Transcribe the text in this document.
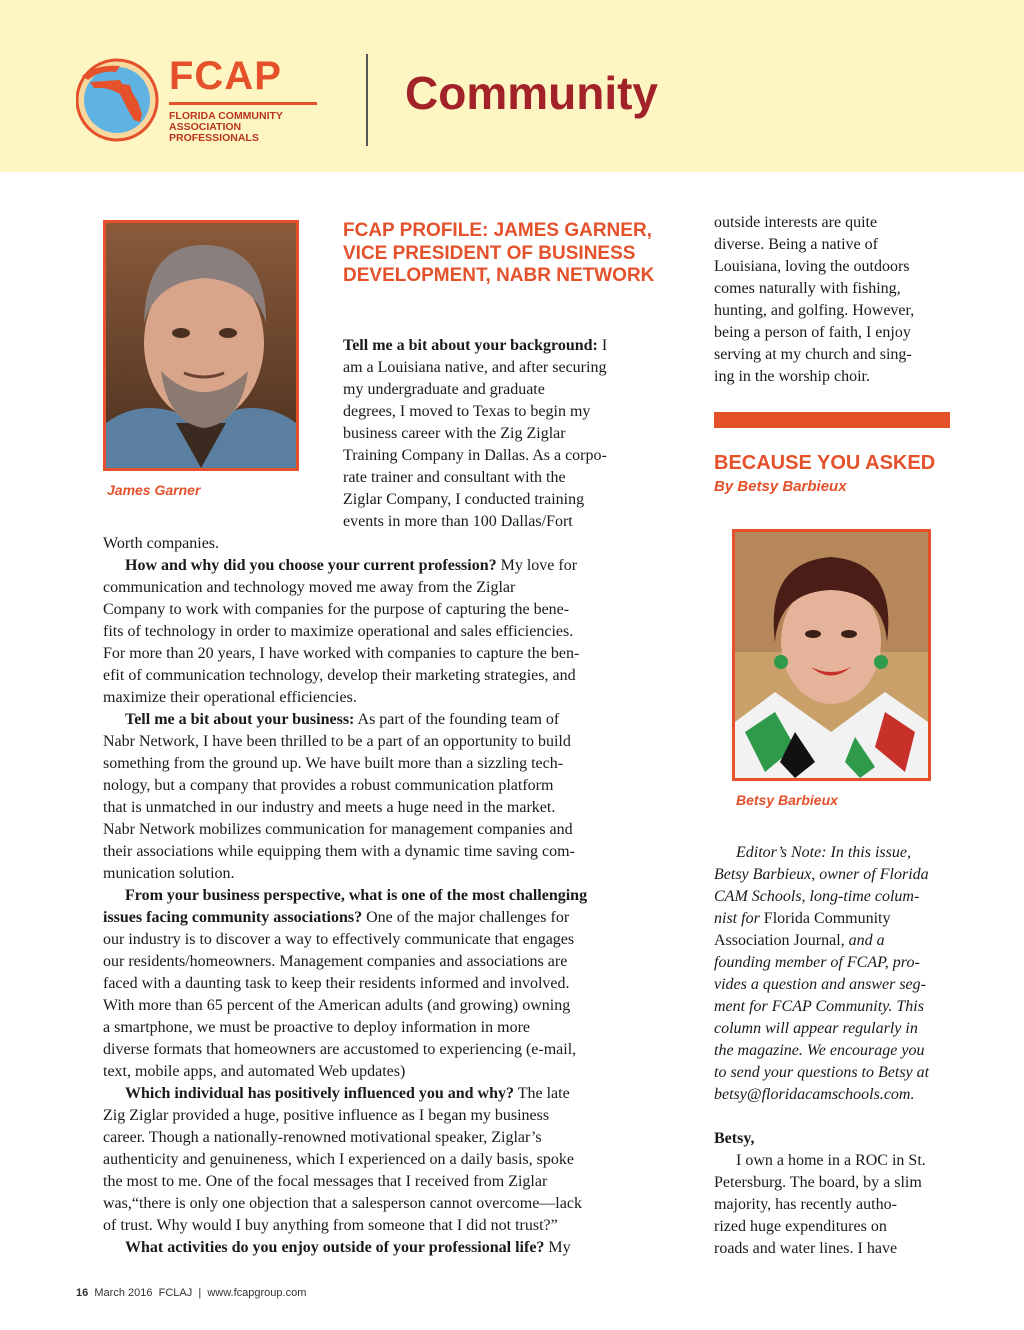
FCAP
FLORIDA COMMUNITY
ASSOCIATION PROFESSIONALS
Community
James Garner
FCAP PROFILE: JAMES GARNER, VICE PRESIDENT OF BUSINESS DEVELOPMENT, NABR NETWORK

Tell me a bit about your background: I

am a Louisiana native, and after securing

my undergraduate and graduate

degrees, I moved to Texas to begin my

business career with the Zig Ziglar

Training Company in Dallas. As a corpo-

rate trainer and consultant with the

Ziglar Company, I conducted training

events in more than 100 Dallas/Fort

Worth companies.

How and why did you choose your current profession? My love for

communication and technology moved me away from the Ziglar

Company to work with companies for the purpose of capturing the bene-

fits of technology in order to maximize operational and sales efficiencies.

For more than 20 years, I have worked with companies to capture the ben-

efit of communication technology, develop their marketing strategies, and

maximize their operational efficiencies.

Tell me a bit about your business: As part of the founding team of

Nabr Network, I have been thrilled to be a part of an opportunity to build

something from the ground up. We have built more than a sizzling tech-

nology, but a company that provides a robust communication platform

that is unmatched in our industry and meets a huge need in the market.

Nabr Network mobilizes communication for management companies and

their associations while equipping them with a dynamic time saving com-

munication solution.

From your business perspective, what is one of the most challenging

issues facing community associations? One of the major challenges for

our industry is to discover a way to effectively communicate that engages

our residents/homeowners. Management companies and associations are

faced with a daunting task to keep their residents informed and involved.

With more than 65 percent of the American adults (and growing) owning

a smartphone, we must be proactive to deploy information in more

diverse formats that homeowners are accustomed to experiencing (e-mail,

text, mobile apps, and automated Web updates)

Which individual has positively influenced you and why? The late

Zig Ziglar provided a huge, positive influence as I began my business

career. Though a nationally-renowned motivational speaker, Ziglar’s

authenticity and genuineness, which I experienced on a daily basis, spoke

the most to me. One of the focal messages that I received from Ziglar

was,“there is only one objection that a salesperson cannot overcome—lack

of trust. Why would I buy anything from someone that I did not trust?”

What activities do you enjoy outside of your professional life? My

outside interests are quite

diverse. Being a native of

Louisiana, loving the outdoors

comes naturally with fishing,

hunting, and golfing. However,

being a person of faith, I enjoy

serving at my church and sing-

ing in the worship choir.

BECAUSE YOU ASKED
By Betsy Barbieux
Betsy Barbieux

Editor’s Note: In this issue,

Betsy Barbieux, owner of Florida

CAM Schools, long-time colum-

nist for Florida Community

Association Journal, and a

founding member of FCAP, pro-

vides a question and answer seg-

ment for FCAP Community. This

column will appear regularly in

the magazine. We encourage you

to send your questions to Betsy at

betsy@floridacamschools.com.

Betsy,

I own a home in a ROC in St.

Petersburg. The board, by a slim

majority, has recently autho-

rized huge expenditures on

roads and water lines. I have

16 March 2016 FCLAJ | www.fcapgroup.com
